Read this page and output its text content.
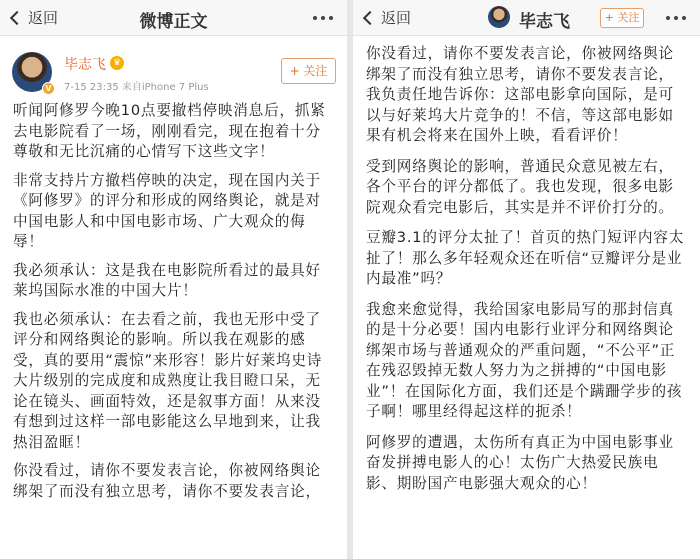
返回	微博正文
V
毕志飞 ♛
7-15 23:35 来自iPhone 7 Plus
+ 关注
听闻阿修罗今晚10点要撤档停映消息后，抓紧
去电影院看了一场，刚刚看完，现在抱着十分
尊敬和无比沉痛的心情写下这些文字！
非常支持片方撤档停映的决定，现在国内关于
《阿修罗》的评分和形成的网络舆论，就是对
中国电影人和中国电影市场、广大观众的侮
辱！
我必须承认：这是我在电影院所看过的最具好
莱坞国际水准的中国大片！
我也必须承认：在去看之前，我也无形中受了
评分和网络舆论的影响。所以我在观影的感
受，真的要用“震惊”来形容！影片好莱坞史诗
大片级别的完成度和成熟度让我目瞪口呆，无
论在镜头、画面特效，还是叙事方面！从来没
有想到过这样一部电影能这么早地到来，让我
热泪盈眶！
你没看过，请你不要发表言论，你被网络舆论
绑架了而没有独立思考，请你不要发表言论，
返回	毕志飞	+ 关注
你没看过，请你不要发表言论，你被网络舆论
绑架了而没有独立思考，请你不要发表言论，
我负责任地告诉你：这部电影拿向国际，是可
以与好莱坞大片竞争的！不信，等这部电影如
果有机会将来在国外上映，看看评价！
受到网络舆论的影响，普通民众意见被左右，
各个平台的评分都低了。我也发现，很多电影
院观众看完电影后，其实是并不评价打分的。
豆瓣3.1的评分太扯了！首页的热门短评内容太
扯了！那么多年轻观众还在听信“豆瓣评分是业
内最准”吗？
我愈来愈觉得，我给国家电影局写的那封信真
的是十分必要！国内电影行业评分和网络舆论
绑架市场与普通观众的严重问题，“不公平”正
在残忍毁掉无数人努力为之拼搏的“中国电影
业”！在国际化方面，我们还是个蹒跚学步的孩
子啊！哪里经得起这样的扼杀！
阿修罗的遭遇，太伤所有真正为中国电影事业
奋发拼搏电影人的心！太伤广大热爱民族电
影、期盼国产电影强大观众的心！
